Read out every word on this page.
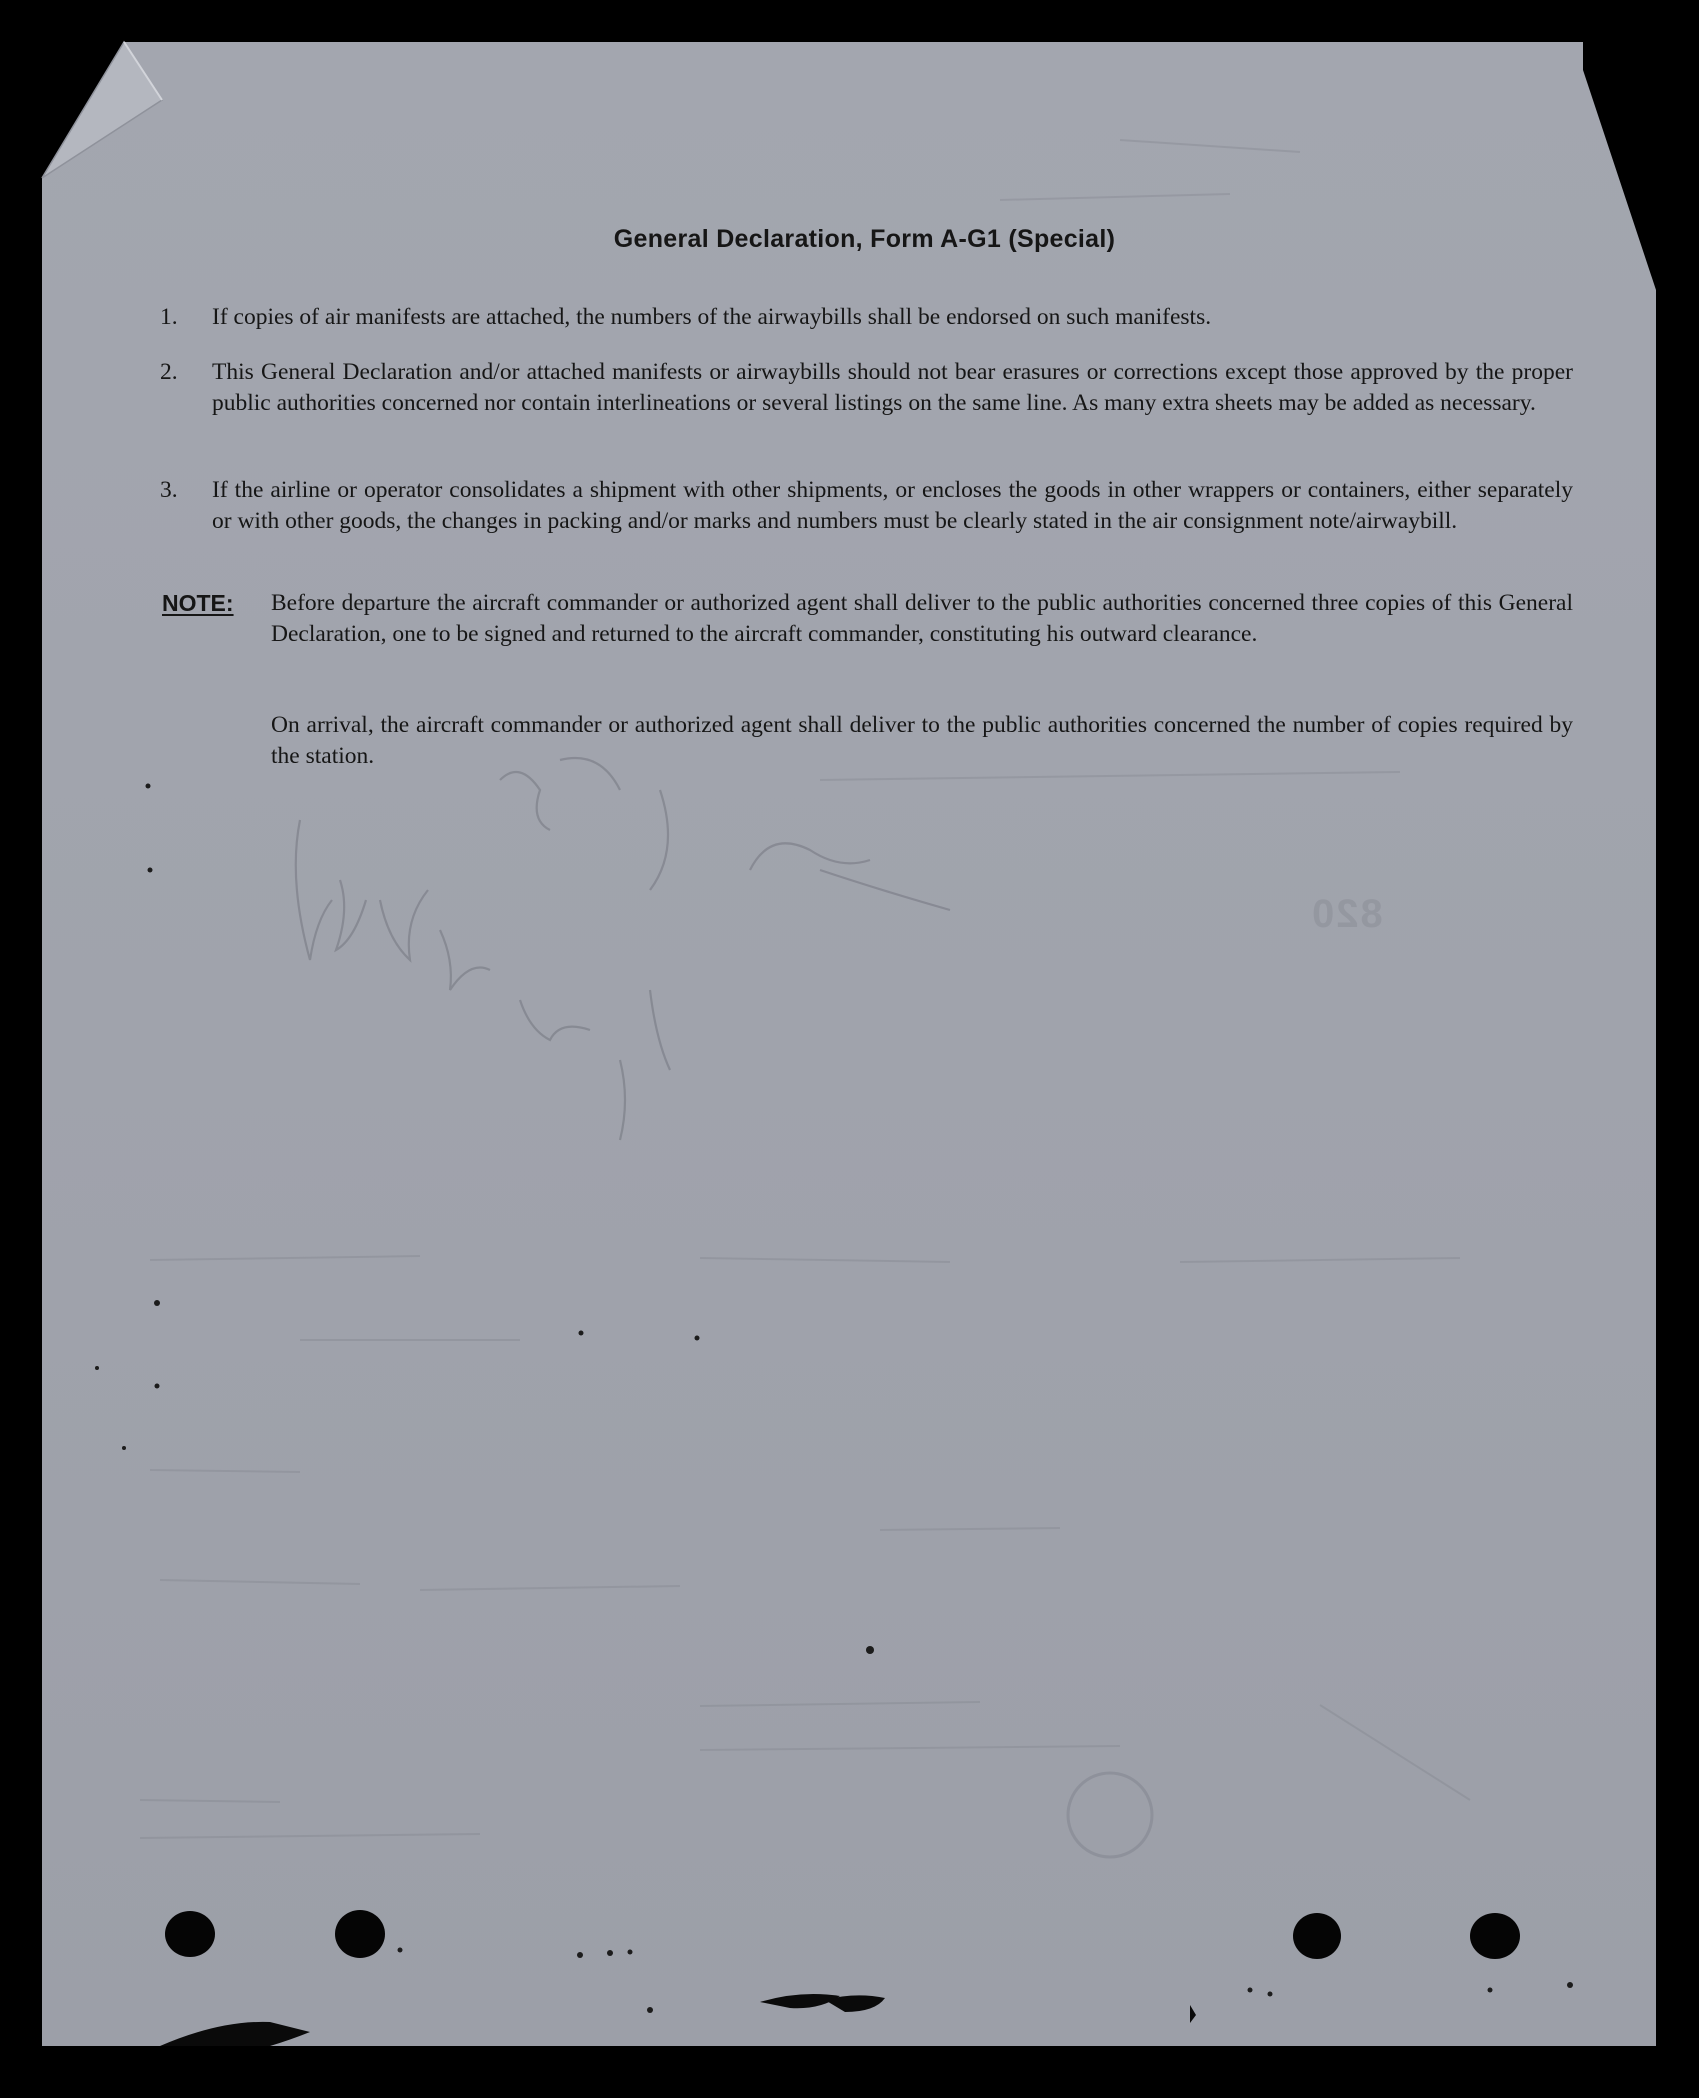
820
General Declaration, Form A-G1 (Special)
1.	If copies of air manifests are attached, the numbers of the airwaybills shall be endorsed on such manifests.
2.	This General Declaration and/or attached manifests or airwaybills should not bear erasures or corrections except those approved by the proper public authorities concerned nor contain interlineations or several listings on the same line. As many extra sheets may be added as necessary.
3.	If the airline or operator consolidates a shipment with other shipments, or encloses the goods in other wrappers or containers, either separately or with other goods, the changes in packing and/or marks and numbers must be clearly stated in the air consignment note/airwaybill.
NOTE: Before departure the aircraft commander or authorized agent shall deliver to the public authorities concerned three copies of this General Declaration, one to be signed and returned to the aircraft commander, constituting his outward clearance.
On arrival, the aircraft commander or authorized agent shall deliver to the public authorities concerned the number of copies required by the station.
